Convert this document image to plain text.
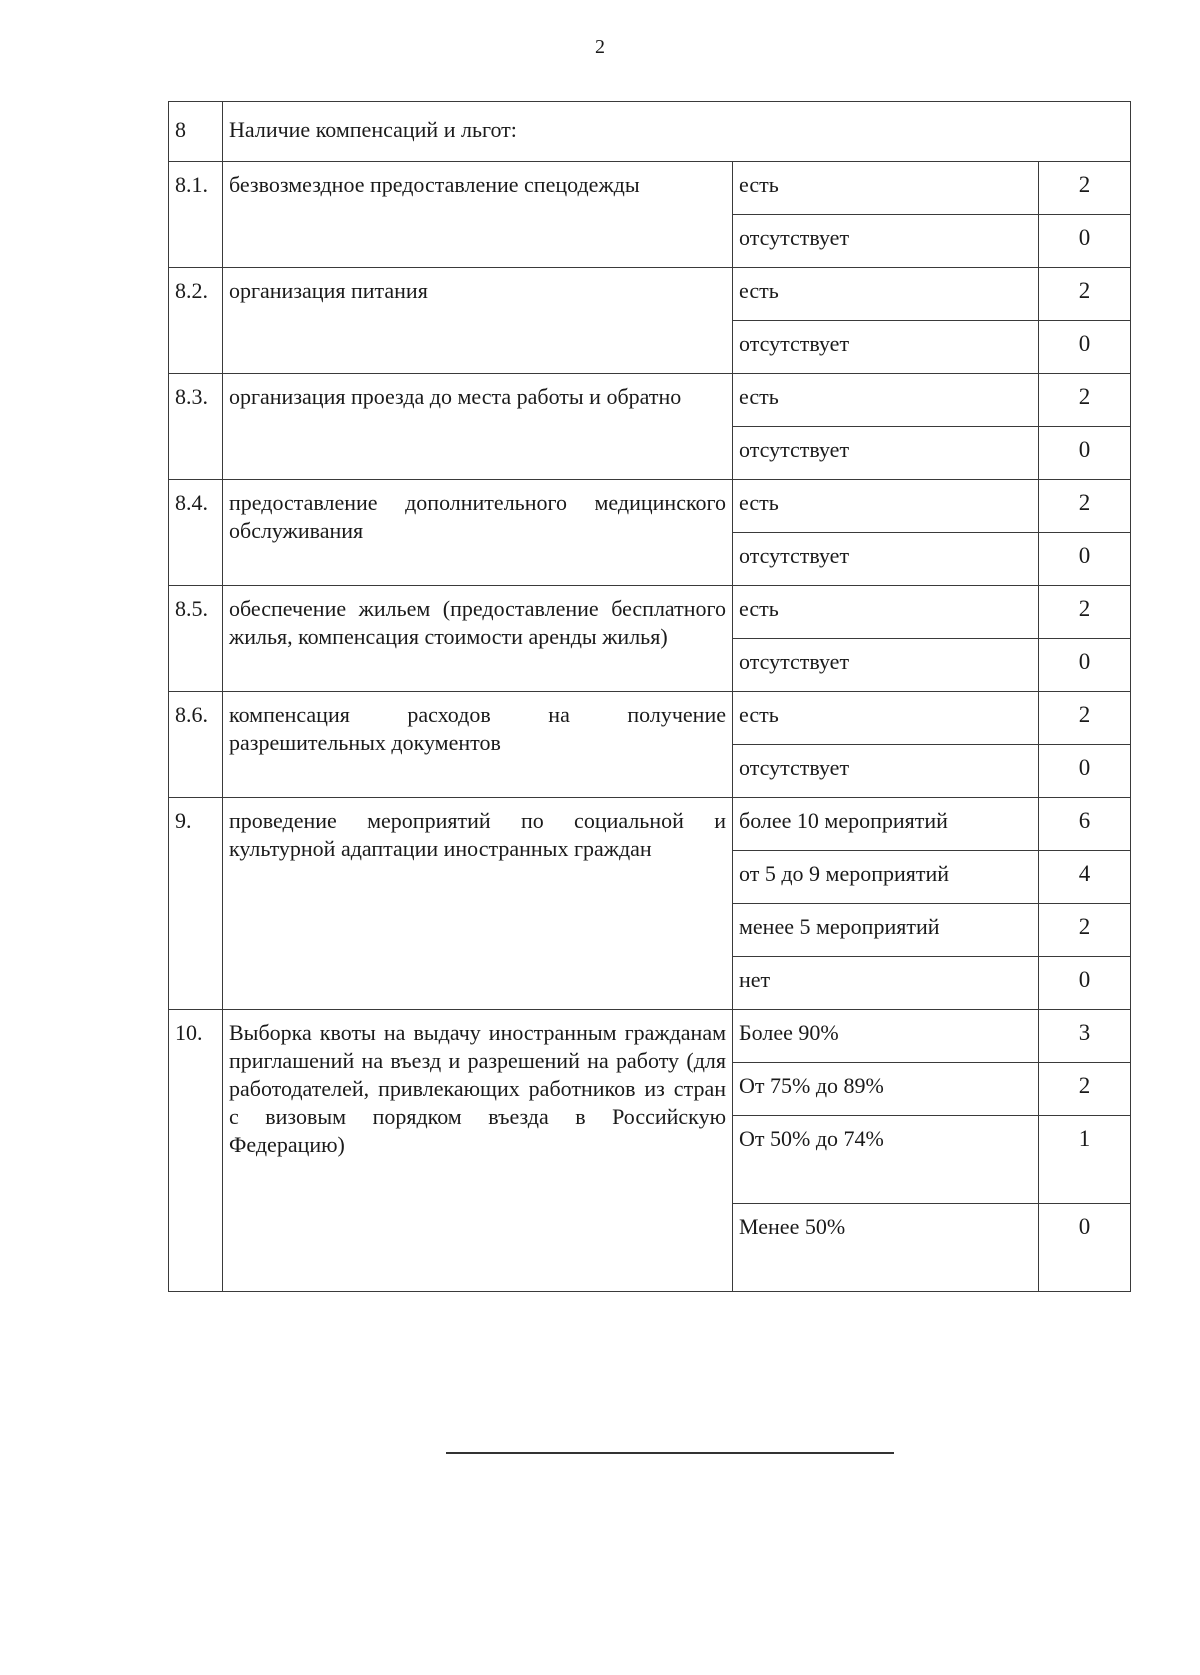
2
8	Наличие компенсаций и льгот:		
8.1.	безвозмездное предоставление спецодежды	есть	2
		отсутствует	0
8.2.	организация питания	есть	2
		отсутствует	0
8.3.	организация проезда до места работы и обратно	есть	2
		отсутствует	0
8.4.	предоставление дополнительного медицинского обслуживания	есть	2
		отсутствует	0
8.5.	обеспечение жильем (предоставление бесплатного жилья, компенсация стоимости аренды жилья)	есть	2
		отсутствует	0
8.6.	компенсация расходов на получение разрешительных документов	есть	2
		отсутствует	0
9.	проведение мероприятий по социальной и культурной адаптации иностранных граждан	более 10 мероприятий	6
		от 5 до 9 мероприятий	4
		менее 5 мероприятий	2
		нет	0
10.	Выборка квоты на выдачу иностранным гражданам приглашений на въезд и разрешений на работу (для работодателей, привлекающих работников из стран с визовым порядком въезда в Российскую Федерацию)	Более 90%	3
		От 75% до 89%	2
		От 50% до 74%	1
		Менее 50%	0
